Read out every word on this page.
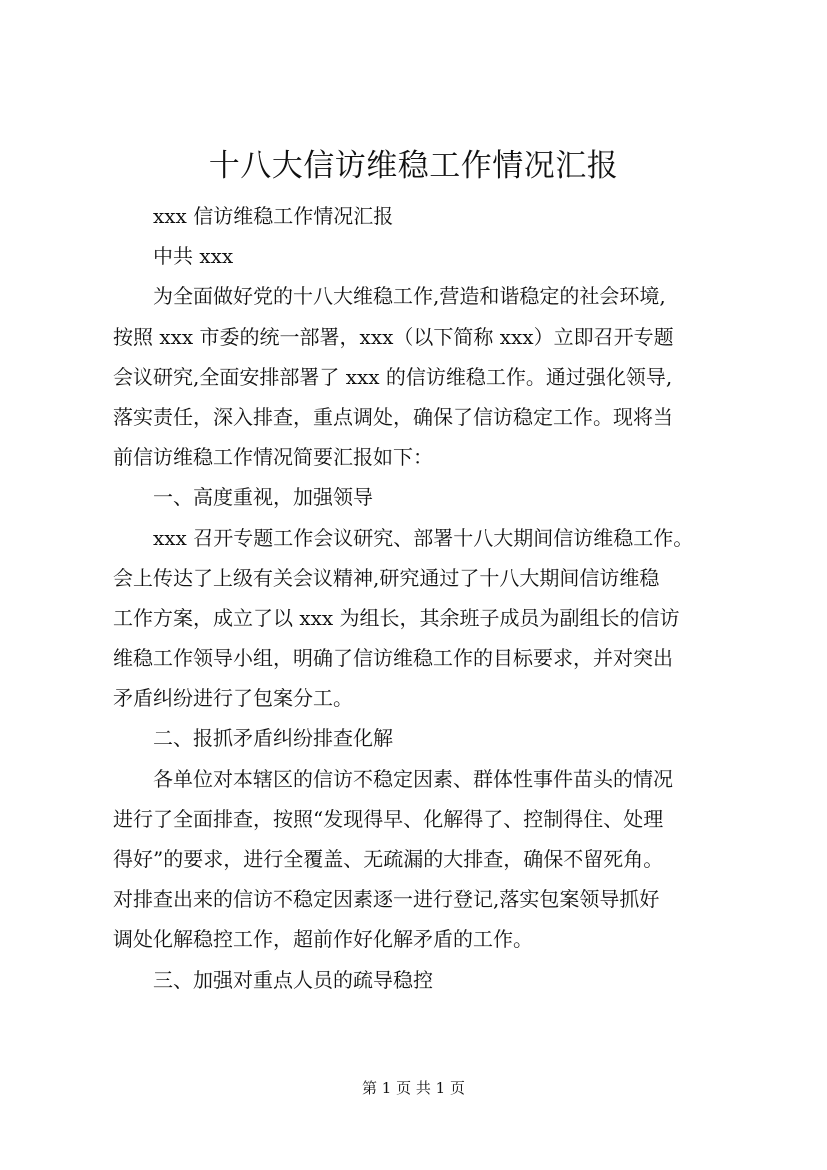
十八大信访维稳工作情况汇报
xxx 信访维稳工作情况汇报
中共 xxx
为全面做好党的十八大维稳工作,营造和谐稳定的社会环境,
按照 xxx 市委的统一部署，xxx（以下简称 xxx）立即召开专题
会议研究,全面安排部署了 xxx 的信访维稳工作。通过强化领导,
落实责任，深入排查，重点调处，确保了信访稳定工作。现将当
前信访维稳工作情况简要汇报如下：
一、高度重视，加强领导
xxx 召开专题工作会议研究、部署十八大期间信访维稳工作。
会上传达了上级有关会议精神,研究通过了十八大期间信访维稳
工作方案，成立了以 xxx 为组长，其余班子成员为副组长的信访
维稳工作领导小组，明确了信访维稳工作的目标要求，并对突出
矛盾纠纷进行了包案分工。
二、报抓矛盾纠纷排查化解
各单位对本辖区的信访不稳定因素、群体性事件苗头的情况
进行了全面排查，按照“发现得早、化解得了、控制得住、处理
得好”的要求，进行全覆盖、无疏漏的大排查，确保不留死角。
对排查出来的信访不稳定因素逐一进行登记,落实包案领导抓好
调处化解稳控工作，超前作好化解矛盾的工作。
三、加强对重点人员的疏导稳控
第 1 页 共 1 页
